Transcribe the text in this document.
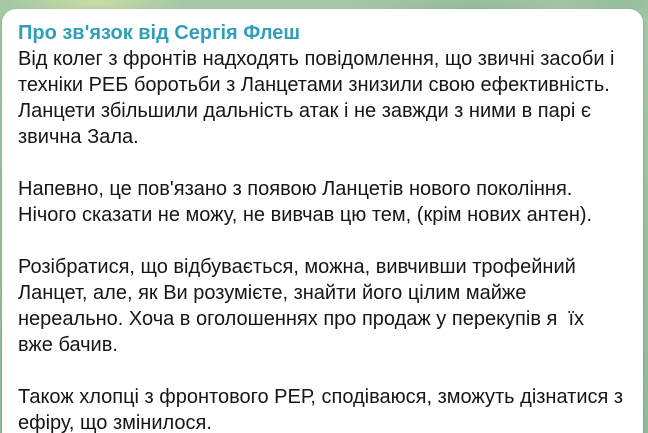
Про зв'язок від Сергія Флеш
Від колег з фронтів надходять повідомлення, що звичні засоби і
техніки РЕБ боротьби з Ланцетами знизили свою ефективність.
Ланцети збільшили дальність атак і не завжди з ними в парі є
звична Зала.
Напевно, це пов'язано з появою Ланцетів нового покоління.
Нічого сказати не можу, не вивчав цю тем, (крім нових антен).
Розібратися, що відбувається, можна, вивчивши трофейний
Ланцет, але, як Ви розумієте, знайти його цілим майже
нереально. Хоча в оголошеннях про продаж у перекупів я  їх
вже бачив.
Також хлопці з фронтового РЕР, сподіваюся, зможуть дізнатися з
ефіру, що змінилося.
